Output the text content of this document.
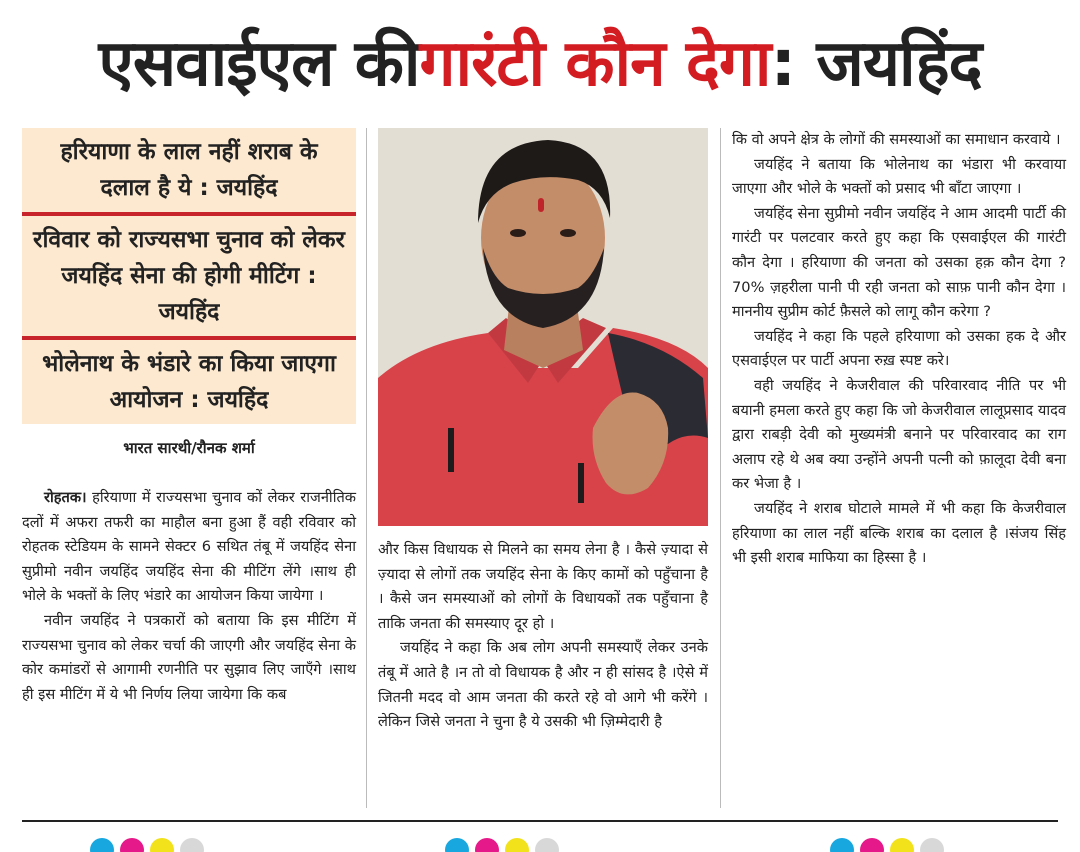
एसवाईएल की गारंटी कौन देगा : जयहिंद
हरियाणा के लाल नहीं शराब के दलाल है ये : जयहिंद
रविवार को राज्यसभा चुनाव को लेकर जयहिंद सेना की होगी मीटिंग : जयहिंद
भोलेनाथ के भंडारे का किया जाएगा आयोजन : जयहिंद
भारत सारथी/रौनक शर्मा

रोहतक। हरियाणा में राज्यसभा चुनाव कों लेकर राजनीतिक दलों में अफरा तफरी का माहौल बना हुआ हैं वही रविवार को रोहतक स्टेडियम के सामने सेक्टर 6 सथित तंबू में जयहिंद सेना सुप्रीमो नवीन जयहिंद जयहिंद सेना की मीटिंग लेंगे ।साथ ही भोले के भक्तों के लिए भंडारे का आयोजन किया जायेगा ।

नवीन जयहिंद ने पत्रकारों को बताया कि इस मीटिंग में राज्यसभा चुनाव को लेकर चर्चा की जाएगी और जयहिंद सेना के कोर कमांडरों से आगामी रणनीति पर सुझाव लिए जाएँगे ।साथ ही इस मीटिंग में ये भी निर्णय लिया जायेगा कि कब

और किस विधायक से मिलने का समय लेना है । कैसे ज़्यादा से ज़्यादा से लोगों तक जयहिंद सेना के किए कामों को पहुँचाना है । कैसे जन समस्याओं को लोगों के विधायकों तक पहुँचाना है ताकि जनता की समस्याए दूर हो ।

जयहिंद ने कहा कि अब लोग अपनी समस्याएँ लेकर उनके तंबू में आते है ।न तो वो विधायक है और न ही सांसद है ।ऐसे में जितनी मदद वो आम जनता की करते रहे वो आगे भी करेंगे । लेकिन जिसे जनता ने चुना है ये उसकी भी ज़िम्मेदारी है

कि वो अपने क्षेत्र के लोगों की समस्याओं का समाधान करवाये ।

जयहिंद ने बताया कि भोलेनाथ का भंडारा भी करवाया जाएगा और भोले के भक्तों को प्रसाद भी बाँटा जाएगा ।

जयहिंद सेना सुप्रीमो नवीन जयहिंद ने आम आदमी पार्टी की गारंटी पर पलटवार करते हुए कहा कि एसवाईएल की गारंटी कौन देगा । हरियाणा की जनता को उसका हक़ कौन देगा ? 70% ज़हरीला पानी पी रही जनता को साफ़ पानी कौन देगा । माननीय सुप्रीम कोर्ट फ़ैसले को लागू कौन करेगा ?

जयहिंद ने कहा कि पहले हरियाणा को उसका हक दे और एसवाईएल पर पार्टी अपना रुख़ स्पष्ट करे।

वही जयहिंद ने केजरीवाल की परिवारवाद नीति पर भी बयानी हमला करते हुए कहा कि जो केजरीवाल लालूप्रसाद यादव द्वारा राबड़ी देवी को मुख्यमंत्री बनाने पर परिवारवाद का राग अलाप रहे थे अब क्या उन्होंने अपनी पत्नी को फ़ालूदा देवी बना कर भेजा है ।

जयहिंद ने शराब घोटाले मामले में भी कहा कि केजरीवाल हरियाणा का लाल नहीं बल्कि शराब का दलाल है ।संजय सिंह भी इसी शराब माफिया का हिस्सा है ।
